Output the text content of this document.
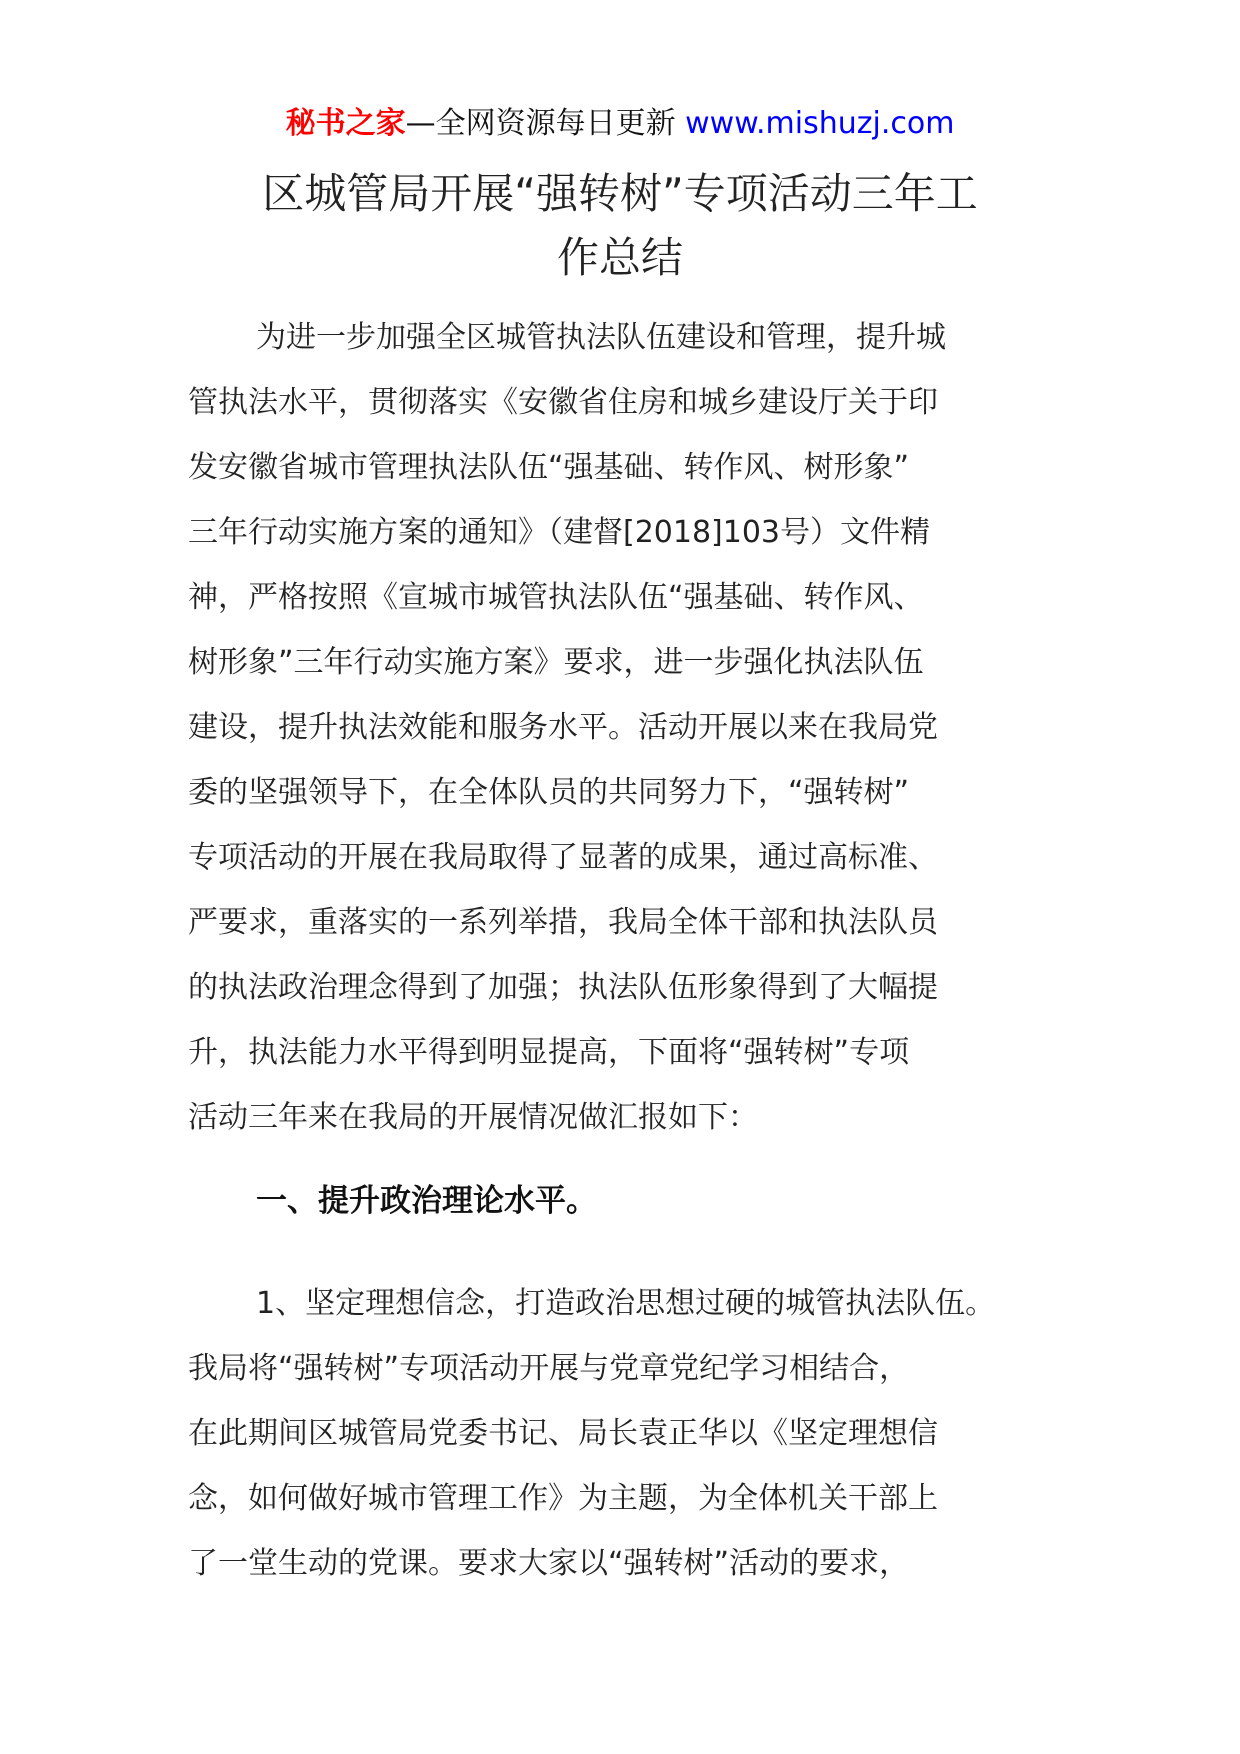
秘书之家—全网资源每日更新 www.mishuzj.com
区城管局开展“强转树”专项活动三年工
作总结
为进一步加强全区城管执法队伍建设和管理，提升城
管执法水平，贯彻落实《安徽省住房和城乡建设厅关于印
发安徽省城市管理执法队伍“强基础、转作风、树形象”
三年行动实施方案的通知》（建督[2018]103号）文件精
神，严格按照《宣城市城管执法队伍“强基础、转作风、
树形象”三年行动实施方案》要求，进一步强化执法队伍
建设，提升执法效能和服务水平。活动开展以来在我局党
委的坚强领导下，在全体队员的共同努力下，“强转树”
专项活动的开展在我局取得了显著的成果，通过高标准、
严要求，重落实的一系列举措，我局全体干部和执法队员
的执法政治理念得到了加强；执法队伍形象得到了大幅提
升，执法能力水平得到明显提高，下面将“强转树”专项
活动三年来在我局的开展情况做汇报如下：
一、提升政治理论水平。
1、坚定理想信念，打造政治思想过硬的城管执法队伍。
我局将“强转树”专项活动开展与党章党纪学习相结合，
在此期间区城管局党委书记、局长袁正华以《坚定理想信
念，如何做好城市管理工作》为主题，为全体机关干部上
了一堂生动的党课。要求大家以“强转树”活动的要求，
